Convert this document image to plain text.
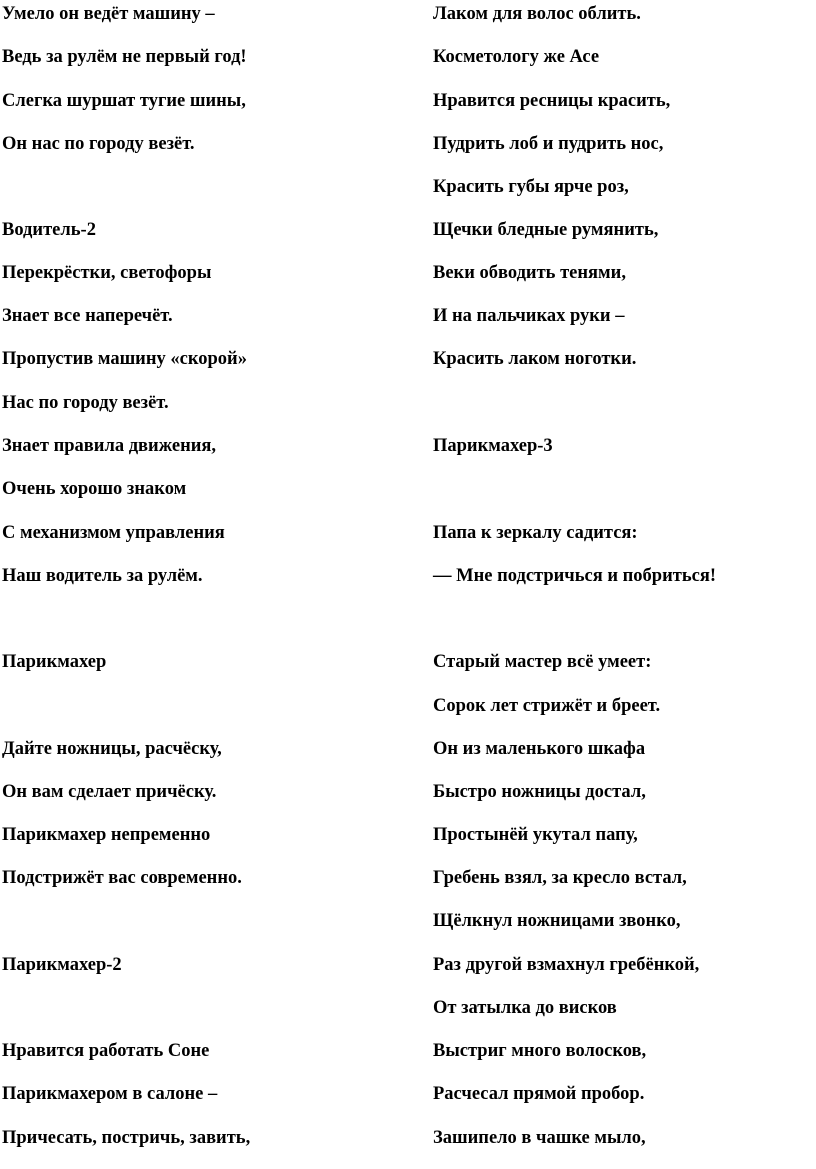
Умело он ведёт машину –
Ведь за рулём не первый год!
Слегка шуршат тугие шины,
Он нас по городу везёт.
Водитель-2
Перекрёстки, светофоры
Знает все наперечёт.
Пропустив машину «скорой»
Нас по городу везёт.
Знает правила движения,
Очень хорошо знаком
С механизмом управления
Наш водитель за рулём.
Парикмахер
Дайте ножницы, расчёску,
Он вам сделает причёску.
Парикмахер непременно
Подстрижёт вас современно.
Парикмахер-2
Нравится работать Соне
Парикмахером в салоне –
Причесать, постричь, завить,
Лаком для волос облить.
Косметологу же Асе
Нравится ресницы красить,
Пудрить лоб и пудрить нос,
Красить губы ярче роз,
Щечки бледные румянить,
Веки обводить тенями,
И на пальчиках руки –
Красить лаком ноготки.
Парикмахер-3
Папа к зеркалу садится:
— Мне подстричься и побриться!
Старый мастер всё умеет:
Сорок лет стрижёт и бреет.
Он из маленького шкафа
Быстро ножницы достал,
Простынёй укутал папу,
Гребень взял, за кресло встал,
Щёлкнул ножницами звонко,
Раз другой взмахнул гребёнкой,
От затылка до висков
Выстриг много волосков,
Расчесал прямой пробор.
Зашипело в чашке мыло,
